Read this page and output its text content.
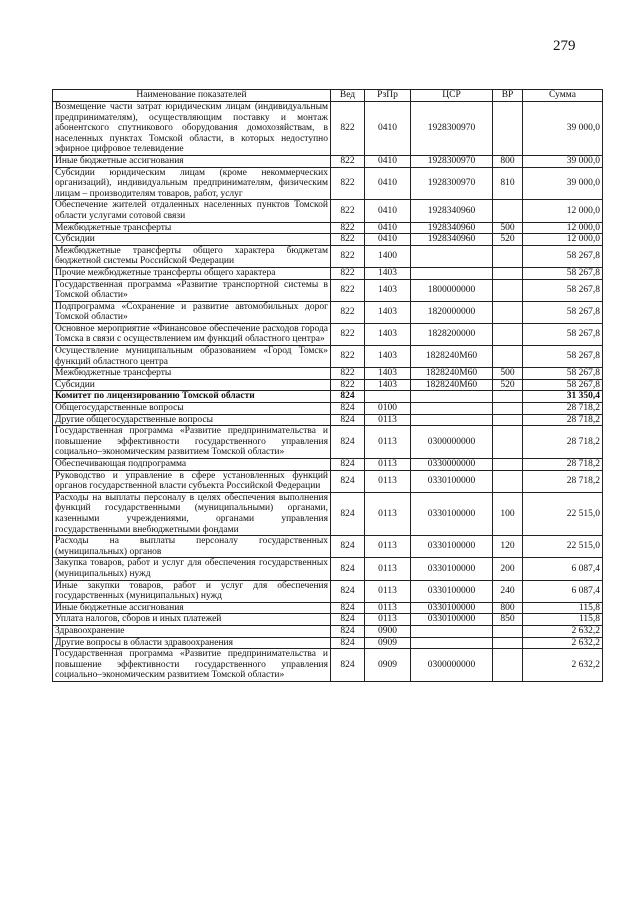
279
Наименование показателей	Вед	РзПр	ЦСР	ВР	Сумма
Возмещение части затрат юридическим лицам (индивидуальным предпринимателям), осуществляющим поставку и монтаж абонентского спутникового оборудования домохозяйствам, в населенных пунктах Томской области, в которых недоступно эфирное цифровое телевидение	822	0410	1928300970		39 000,0
Иные бюджетные ассигнования	822	0410	1928300970	800	39 000,0
Субсидии юридическим лицам (кроме некоммерческих организаций), индивидуальным предпринимателям, физическим лицам – производителям товаров, работ, услуг	822	0410	1928300970	810	39 000,0
Обеспечение жителей отдаленных населенных пунктов Томской области услугами сотовой связи	822	0410	1928340960		12 000,0
Межбюджетные трансферты	822	0410	1928340960	500	12 000,0
Субсидии	822	0410	1928340960	520	12 000,0
Межбюджетные трансферты общего характера бюджетам бюджетной системы Российской Федерации	822	1400			58 267,8
Прочие межбюджетные трансферты общего характера	822	1403			58 267,8
Государственная программа «Развитие транспортной системы в Томской области»	822	1403	1800000000		58 267,8
Подпрограмма «Сохранение и развитие автомобильных дорог Томской области»	822	1403	1820000000		58 267,8
Основное мероприятие «Финансовое обеспечение расходов города Томска в связи с осуществлением им функций областного центра»	822	1403	1828200000		58 267,8
Осуществление муниципальным образованием «Город Томск» функций областного центра	822	1403	1828240М60		58 267,8
Межбюджетные трансферты	822	1403	1828240М60	500	58 267,8
Субсидии	822	1403	1828240М60	520	58 267,8
Комитет по лицензированию Томской области	824				31 350,4
Общегосударственные вопросы	824	0100			28 718,2
Другие общегосударственные вопросы	824	0113			28 718,2
Государственная программа «Развитие предпринимательства и повышение эффективности государственного управления социально–экономическим развитием Томской области»	824	0113	0300000000		28 718,2
Обеспечивающая подпрограмма	824	0113	0330000000		28 718,2
Руководство и управление в сфере установленных функций органов государственной власти субъекта Российской Федерации	824	0113	0330100000		28 718,2
Расходы на выплаты персоналу в целях обеспечения выполнения функций государственными (муниципальными) органами, казенными учреждениями, органами управления государственными внебюджетными фондами	824	0113	0330100000	100	22 515,0
Расходы на выплаты персоналу государственных (муниципальных) органов	824	0113	0330100000	120	22 515,0
Закупка товаров, работ и услуг для обеспечения государственных (муниципальных) нужд	824	0113	0330100000	200	6 087,4
Иные закупки товаров, работ и услуг для обеспечения государственных (муниципальных) нужд	824	0113	0330100000	240	6 087,4
Иные бюджетные ассигнования	824	0113	0330100000	800	115,8
Уплата налогов, сборов и иных платежей	824	0113	0330100000	850	115,8
Здравоохранение	824	0900			2 632,2
Другие вопросы в области здравоохранения	824	0909			2 632,2
Государственная программа «Развитие предпринимательства и повышение эффективности государственного управления социально–экономическим развитием Томской области»	824	0909	0300000000		2 632,2
